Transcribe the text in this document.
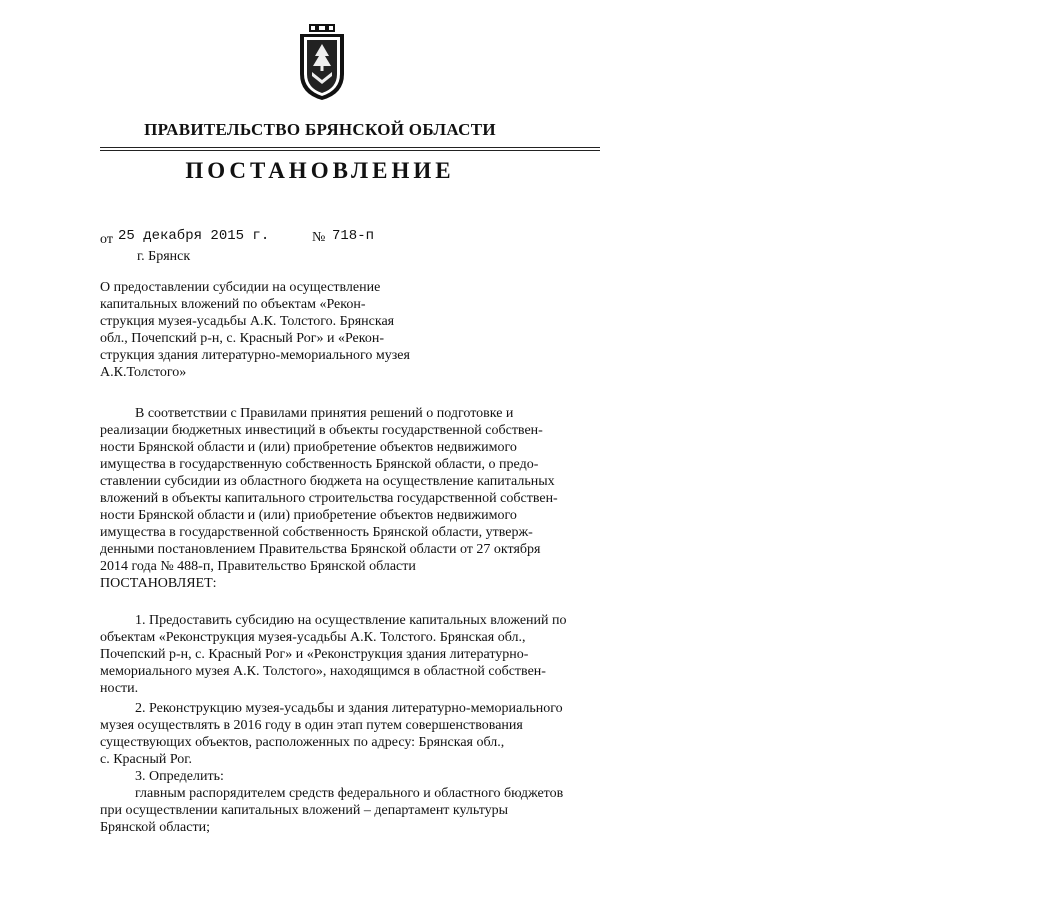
ПРАВИТЕЛЬСТВО БРЯНСКОЙ ОБЛАСТИ
ПОСТАНОВЛЕНИЕ
от 25 декабря 2015 г.	№ 718-п
г. Брянск
О предоставлении субсидии на осуществление
капитальных вложений по объектам «Рекон-
струкция музея-усадьбы А.К. Толстого. Брянская
обл., Почепский р-н, с. Красный Рог» и «Рекон-
струкция здания литературно-мемориального музея
А.К.Толстого»
В соответствии с Правилами принятия решений о подготовке и
реализации бюджетных инвестиций в объекты государственной собствен-
ности Брянской области и (или) приобретение объектов недвижимого
имущества в государственную собственность Брянской области, о предо-
ставлении субсидии из областного бюджета на осуществление капитальных
вложений в объекты капитального строительства государственной собствен-
ности Брянской области и (или) приобретение объектов недвижимого
имущества в государственной собственность Брянской области, утверж-
денными постановлением Правительства Брянской области от 27 октября
2014 года № 488-п, Правительство Брянской области
ПОСТАНОВЛЯЕТ:
1. Предоставить субсидию на осуществление капитальных вложений по
объектам «Реконструкция музея-усадьбы А.К. Толстого. Брянская обл.,
Почепский р-н, с. Красный Рог» и «Реконструкция здания литературно-
мемориального музея А.К. Толстого», находящимся в областной собствен-
ности.
2. Реконструкцию музея-усадьбы и здания литературно-мемориального
музея осуществлять в 2016 году в один этап путем совершенствования
существующих объектов, расположенных по адресу: Брянская обл.,
с. Красный Рог.
3. Определить:
главным распорядителем средств федерального и областного бюджетов
при осуществлении капитальных вложений – департамент культуры
Брянской области;
